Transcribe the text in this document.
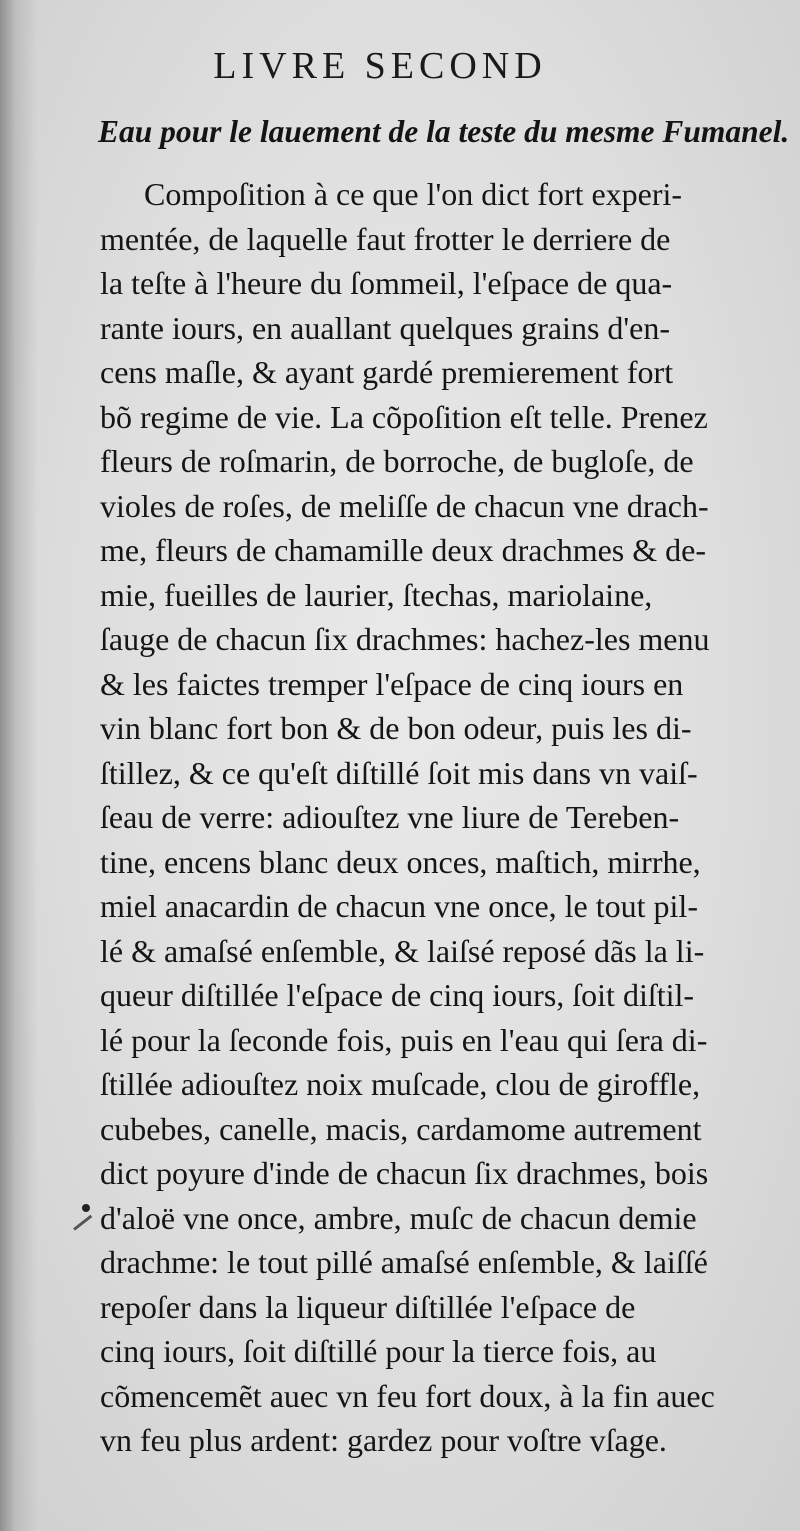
LIVRE SECOND
Eau pour le lauement de la teste du mesme Fumanel.
Compoſition à ce que l'on dict fort experi-
mentée, de laquelle faut frotter le derriere de
la teſte à l'heure du ſommeil, l'eſpace de qua-
rante iours, en auallant quelques grains d'en-
cens maſle, & ayant gardé premierement fort
bõ regime de vie. La cõpoſition eſt telle. Prenez
fleurs de roſmarin, de borroche, de bugloſe, de
violes de roſes, de meliſſe de chacun vne drach-
me, fleurs de chamamille deux drachmes & de-
mie, fueilles de laurier, ſtechas, mariolaine,
ſauge de chacun ſix drachmes: hachez-les menu
& les faictes tremper l'eſpace de cinq iours en
vin blanc fort bon & de bon odeur, puis les di-
ſtillez, & ce qu'eſt diſtillé ſoit mis dans vn vaiſ-
ſeau de verre: adiouſtez vne liure de Tereben-
tine, encens blanc deux onces, maſtich, mirrhe,
miel anacardin de chacun vne once, le tout pil-
lé & amaſsé enſemble, & laiſsé reposé dãs la li-
queur diſtillée l'eſpace de cinq iours, ſoit diſtil-
lé pour la ſeconde fois, puis en l'eau qui ſera di-
ſtillée adiouſtez noix muſcade, clou de giroffle,
cubebes, canelle, macis, cardamome autrement
dict poyure d'inde de chacun ſix drachmes, bois
d'aloë vne once, ambre, muſc de chacun demie
drachme: le tout pillé amaſsé enſemble, & laiſſé
repoſer dans la liqueur diſtillée l'eſpace de
cinq iours, ſoit diſtillé pour la tierce fois, au
cõmencemẽt auec vn feu fort doux, à la fin auec
vn feu plus ardent: gardez pour voſtre vſage.
